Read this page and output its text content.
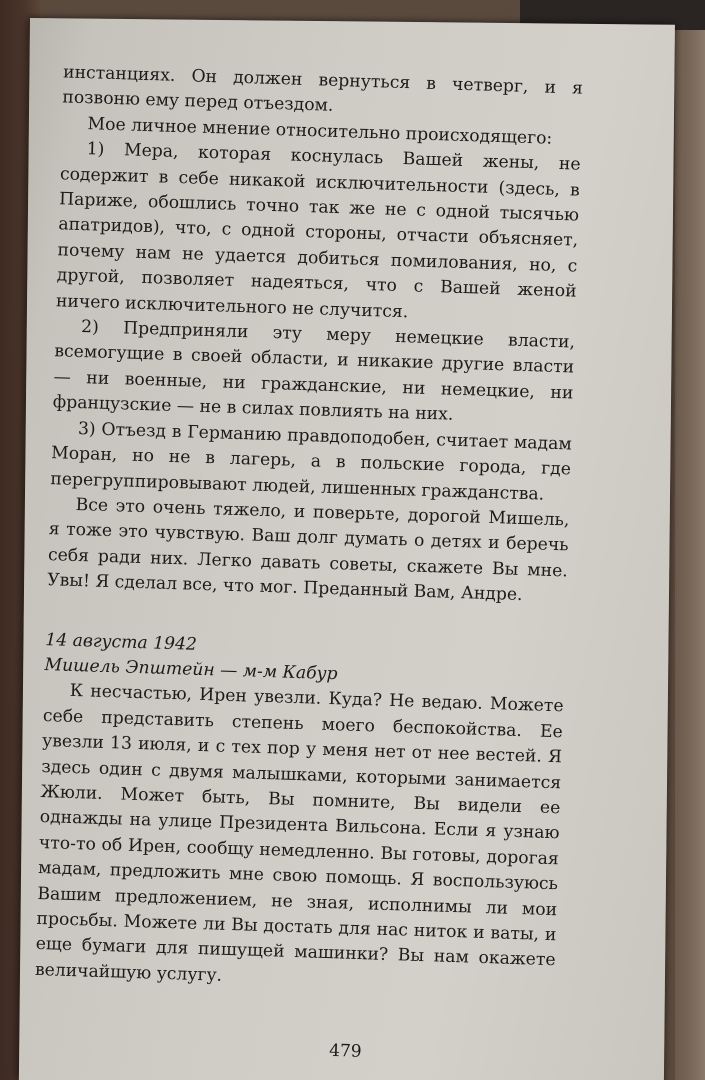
инстанциях. Он должен вернуться в четверг, и я позвоню ему перед отъездом.

Мое личное мнение относительно происходящего:

1) Мера, которая коснулась Вашей жены, не содержит в себе никакой исключительности (здесь, в Париже, обошлись точно так же не с одной тысячью апатридов), что, с одной стороны, отчасти объясняет, почему нам не удается добиться помилования, но, с другой, позволяет надеяться, что с Вашей женой ничего исключительного не случится.

2) Предприняли эту меру немецкие власти, всемогущие в своей области, и никакие другие власти — ни военные, ни гражданские, ни немецкие, ни французские — не в силах повлиять на них.

3) Отъезд в Германию правдоподобен, считает мадам Моран, но не в лагерь, а в польские города, где перегруппировывают людей, лишенных гражданства.

Все это очень тяжело, и поверьте, дорогой Мишель, я тоже это чувствую. Ваш долг думать о детях и беречь себя ради них. Легко давать советы, скажете Вы мне. Увы! Я сделал все, что мог. Преданный Вам, Андре.

14 августа 1942
Мишель Эпштейн — м-м Кабур

К несчастью, Ирен увезли. Куда? Не ведаю. Можете себе представить степень моего беспокойства. Ее увезли 13 июля, и с тех пор у меня нет от нее вестей. Я здесь один с двумя малышками, которыми занимается Жюли. Может быть, Вы помните, Вы видели ее однажды на улице Президента Вильсона. Если я узнаю что-то об Ирен, сообщу немедленно. Вы готовы, дорогая мадам, предложить мне свою помощь. Я воспользуюсь Вашим предложением, не зная, исполнимы ли мои просьбы. Можете ли Вы достать для нас ниток и ваты, и еще бумаги для пишущей машинки? Вы нам окажете величайшую услугу.

479
